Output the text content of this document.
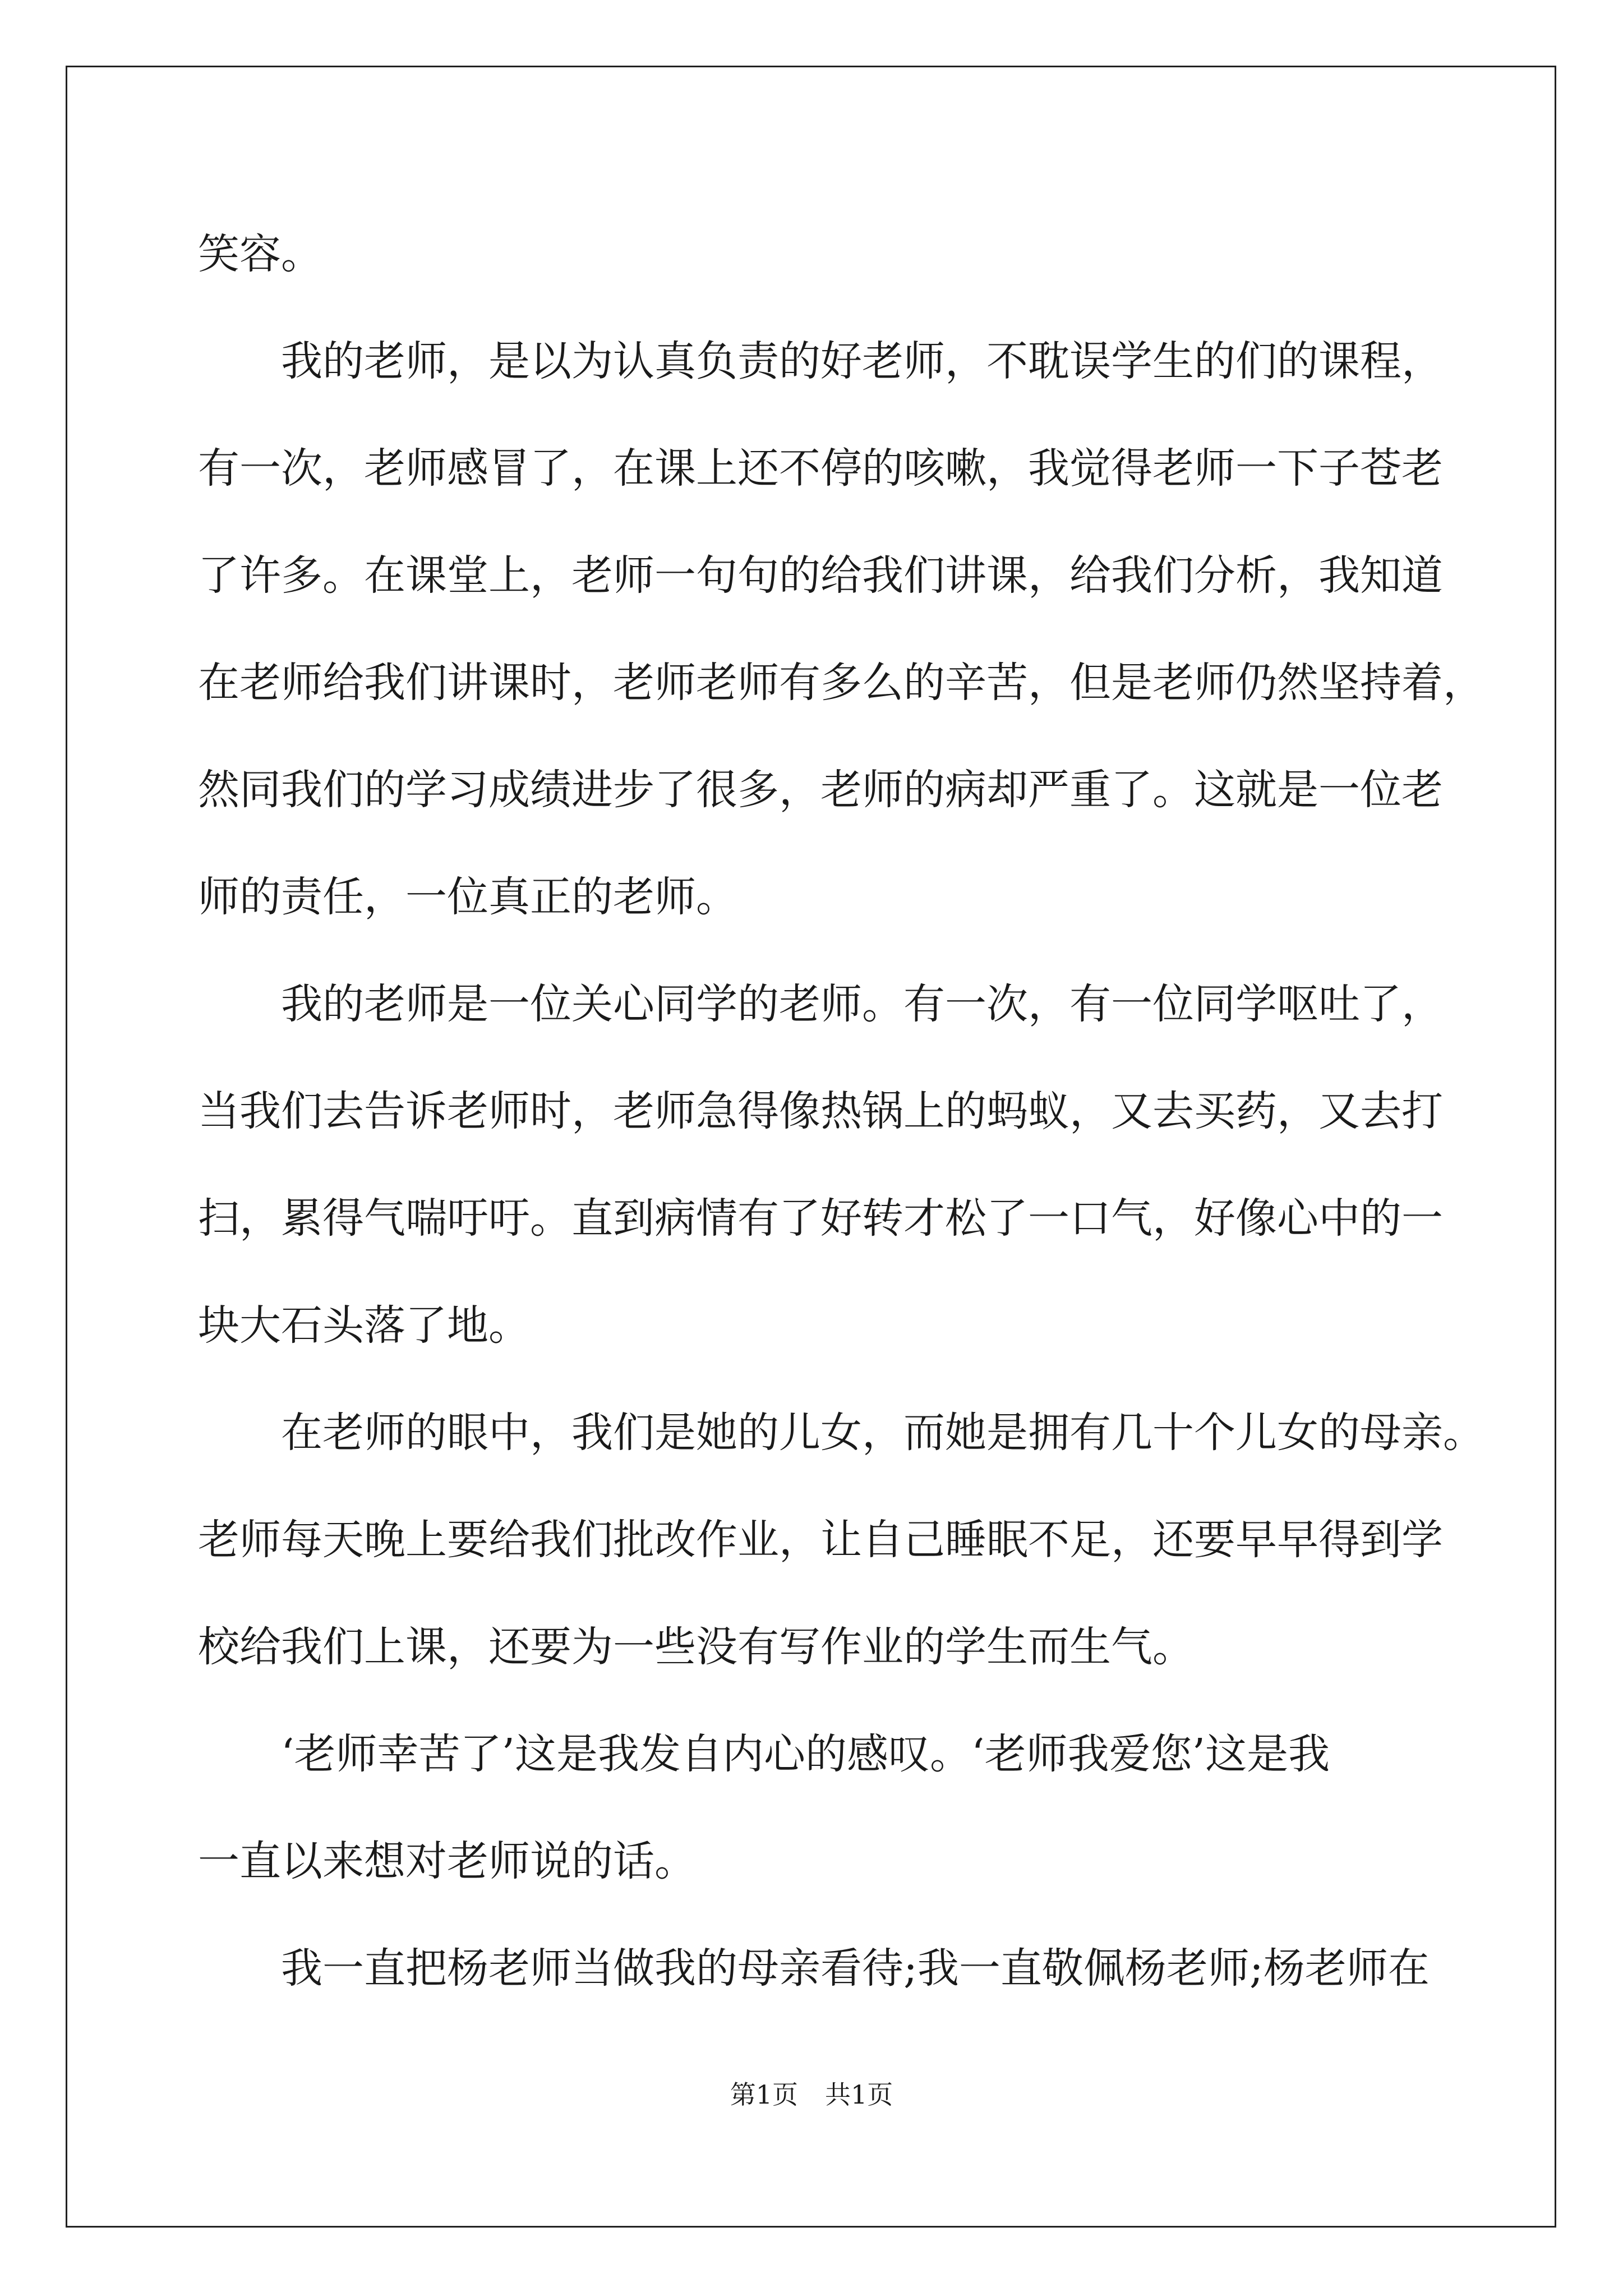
笑容。
我的老师，是以为认真负责的好老师，不耽误学生的们的课程，
有一次，老师感冒了，在课上还不停的咳嗽，我觉得老师一下子苍老
了许多。在课堂上，老师一句句的给我们讲课，给我们分析，我知道
在老师给我们讲课时，老师老师有多么的辛苦，但是老师仍然坚持着，
然同我们的学习成绩进步了很多，老师的病却严重了。这就是一位老
师的责任，一位真正的老师。
我的老师是一位关心同学的老师。有一次，有一位同学呕吐了，
当我们去告诉老师时，老师急得像热锅上的蚂蚁，又去买药，又去打
扫，累得气喘吁吁。直到病情有了好转才松了一口气，好像心中的一
块大石头落了地。
在老师的眼中，我们是她的儿女，而她是拥有几十个儿女的母亲。
老师每天晚上要给我们批改作业，让自己睡眠不足，还要早早得到学
校给我们上课，还要为一些没有写作业的学生而生气。
‘老师幸苦了’这是我发自内心的感叹。‘老师我爱您’这是我
一直以来想对老师说的话。
我一直把杨老师当做我的母亲看待;我一直敬佩杨老师;杨老师在
第1页 共1页
